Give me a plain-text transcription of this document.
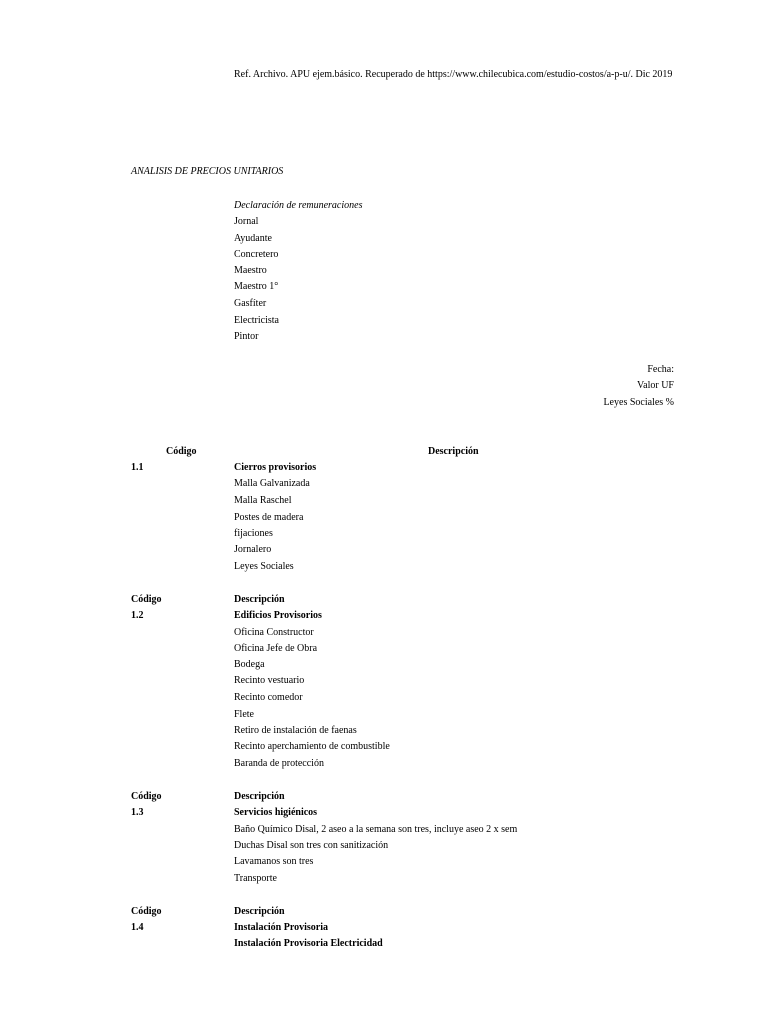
Ref. Archivo. APU ejem.básico. Recuperado de https://www.chilecubica.com/estudio-costos/a-p-u/. Dic 2019
ANALISIS DE PRECIOS UNITARIOS
Declaración de remuneraciones
Jornal
Ayudante
Concretero
Maestro
Maestro 1°
Gasfíter
Electricista
Pintor
Fecha:
Valor UF
Leyes Sociales %
Código	Descripción
1.1	Cierros provisorios
Malla Galvanizada
Malla Raschel
Postes de madera
fijaciones
Jornalero
Leyes Sociales
Código	Descripción
1.2	Edificios Provisorios
Oficina Constructor
Oficina Jefe de Obra
Bodega
Recinto vestuario
Recinto comedor
Flete
Retiro de instalación de faenas
Recinto aperchamiento de combustible
Baranda de protección
Código	Descripción
1.3	Servicios higiénicos
Baño Químico Disal, 2 aseo a la semana son tres, incluye aseo 2 x sem
Duchas Disal son tres con sanitización
Lavamanos son tres
Transporte
Código	Descripción
1.4	Instalación Provisoria
Instalación Provisoria Electricidad
